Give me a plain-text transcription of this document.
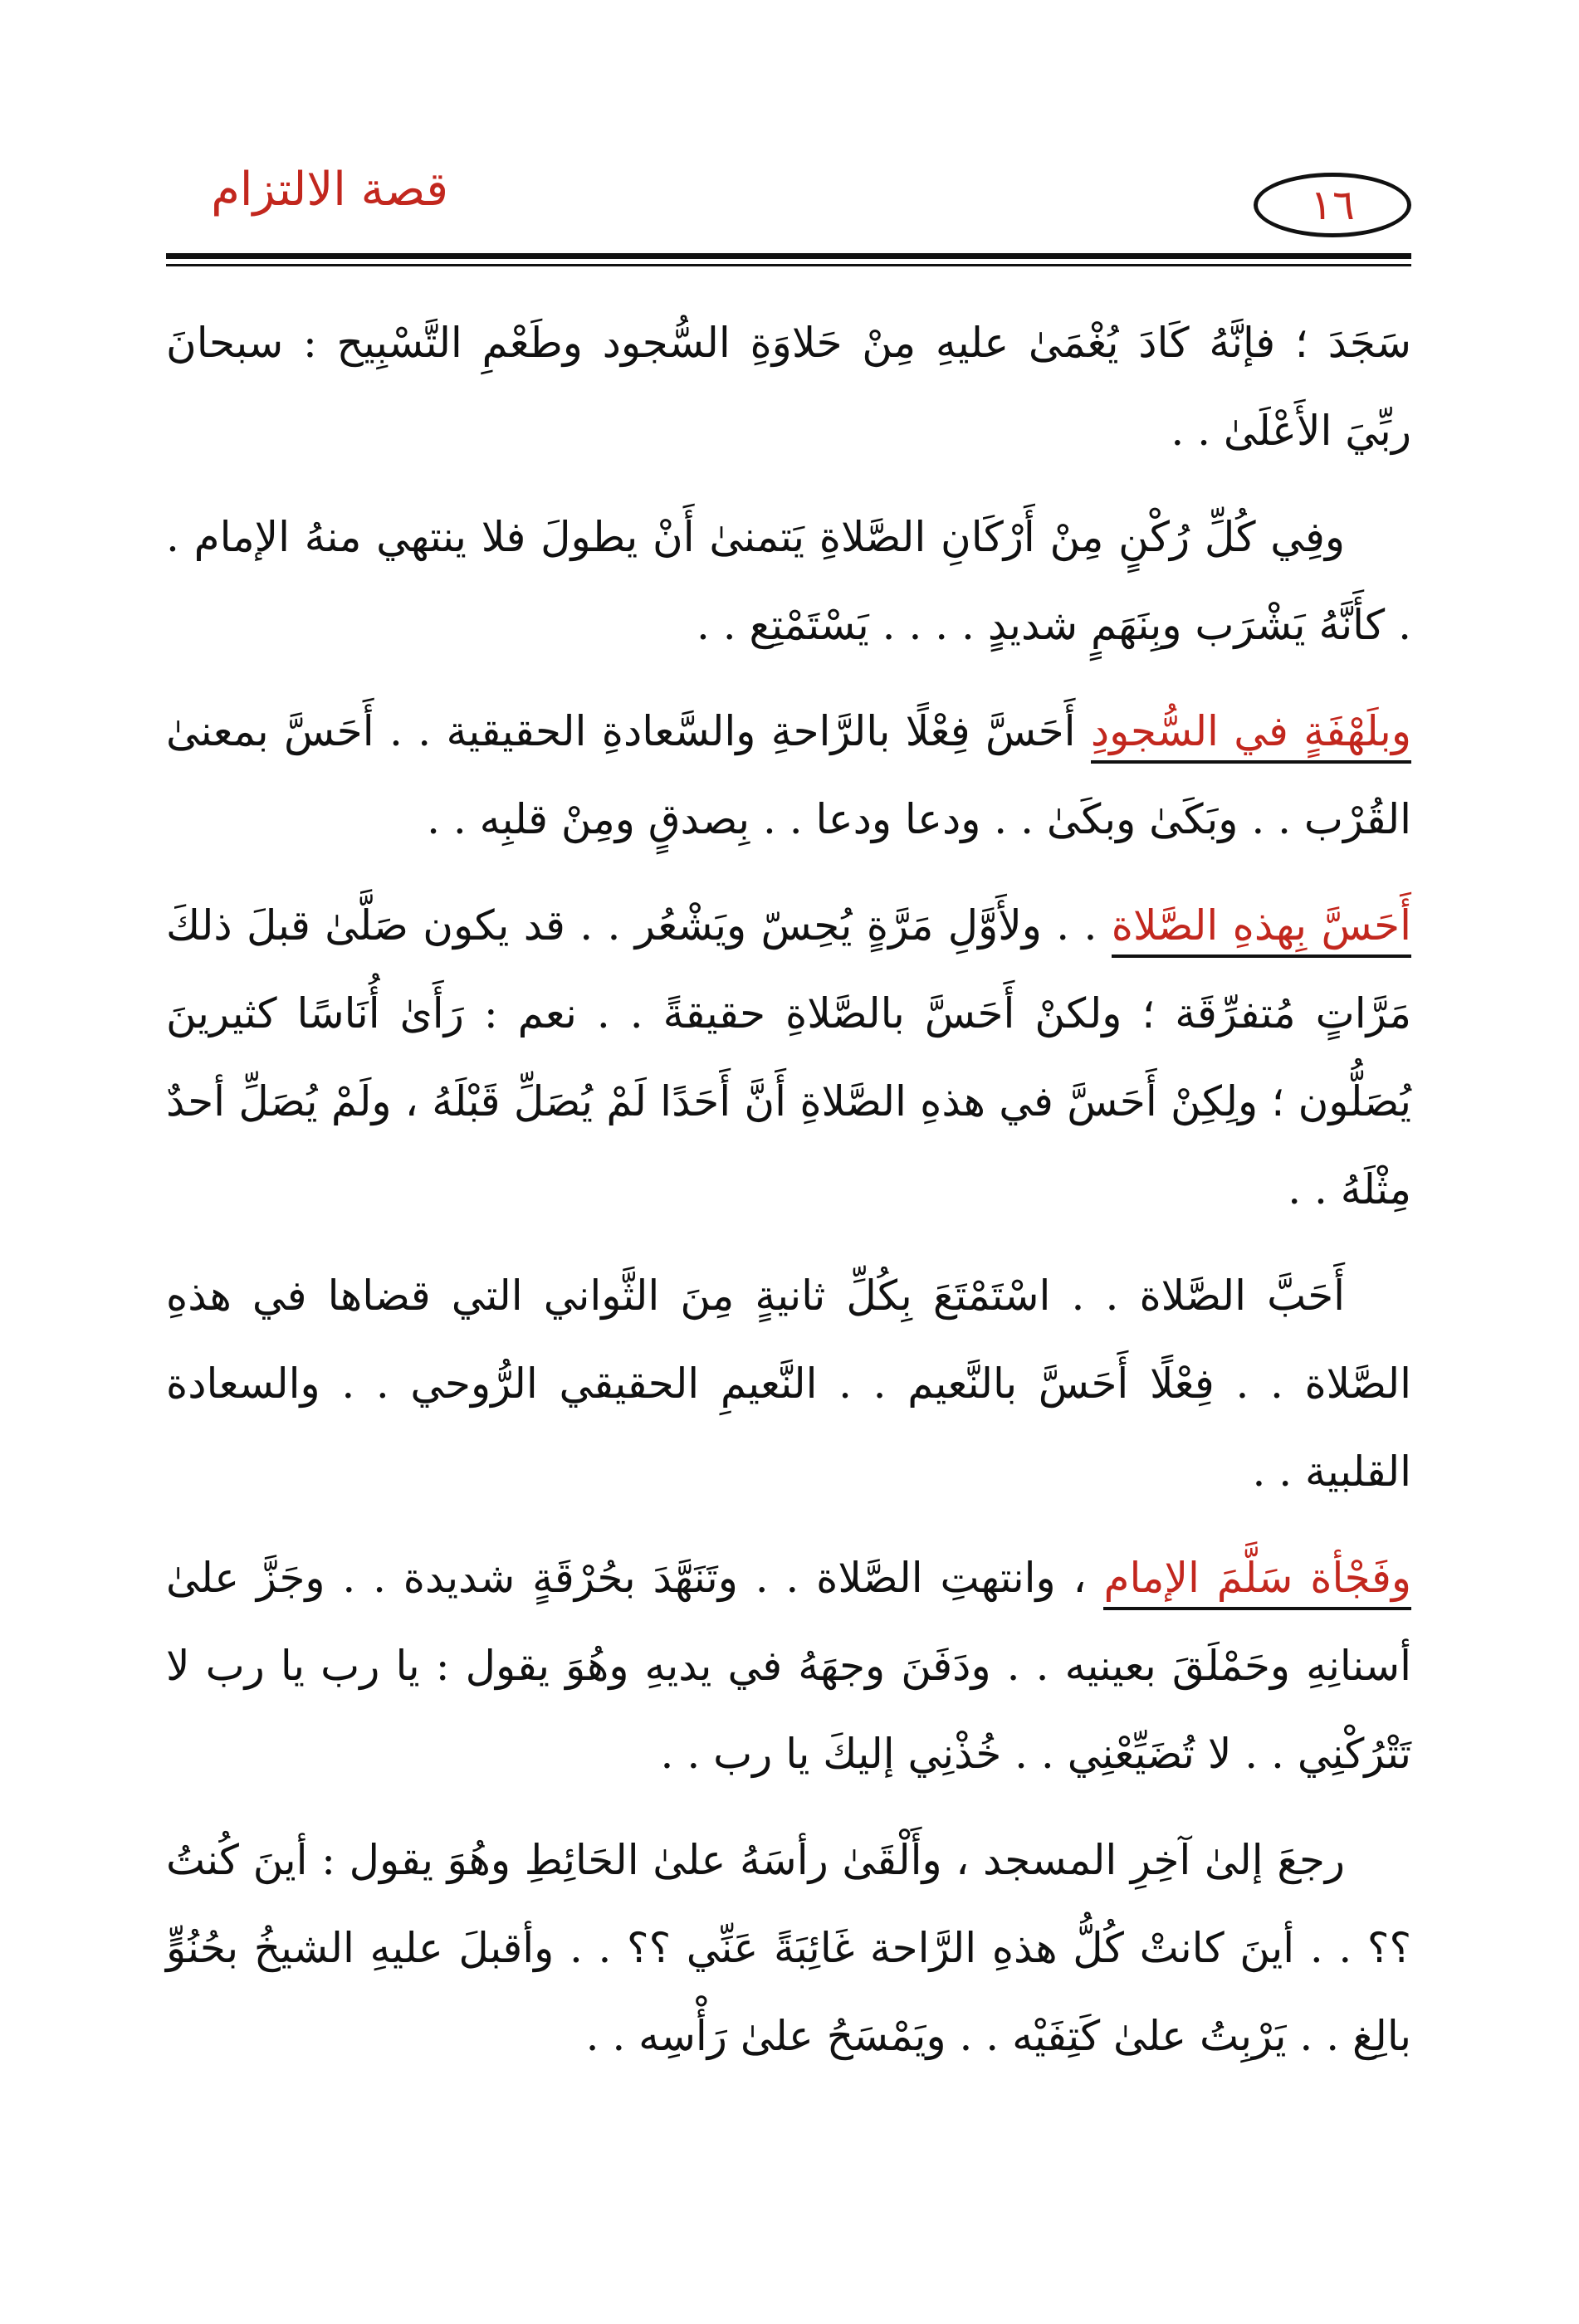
١٦
قصة الالتزام

سَجَدَ ؛ فإنَّهُ كَادَ يُغْمَىٰ عليهِ مِنْ حَلاوَةِ السُّجود وطَعْمِ التَّسْبِيح : سبحانَ ربِّيَ الأَعْلَىٰ . .

وفِي كُلِّ رُكْنٍ مِنْ أَرْكَانِ الصَّلاةِ يَتمنىٰ أَنْ يطولَ فلا ينتهي منهُ الإمام . . كأَنَّهُ يَشْرَب وبِنَهَمٍ شديدٍ . . . . يَسْتَمْتِع . .

وبلَهْفَةٍ في السُّجودِ أَحَسَّ فِعْلًا بالرَّاحةِ والسَّعادةِ الحقيقية . . أَحَسَّ بمعنىٰ القُرْب . . وبَكَىٰ وبكَىٰ . . ودعا ودعا . . بِصدقٍ ومِنْ قلبِه . .

أَحَسَّ بِهذهِ الصَّلاة . . ولأَوَّلِ مَرَّةٍ يُحِسّ ويَشْعُر . . قد يكون صَلَّىٰ قبلَ ذلكَ مَرَّاتٍ مُتفرِّقَة ؛ ولكنْ أَحَسَّ بالصَّلاةِ حقيقةً . . نعم : رَأَىٰ أُنَاسًا كثيرينَ يُصَلُّون ؛ ولِكِنْ أَحَسَّ في هذهِ الصَّلاةِ أَنَّ أَحَدًا لَمْ يُصَلِّ قَبْلَهُ ، ولَمْ يُصَلِّ أحدٌ مِثْلَهُ . .

أَحَبَّ الصَّلاة . . اسْتَمْتَعَ بِكُلِّ ثانيةٍ مِنَ الثَّواني التي قضاها في هذهِ الصَّلاة . . فِعْلًا أَحَسَّ بالنَّعيم . . النَّعيمِ الحقيقي الرُّوحي . . والسعادة القلبية . .

وفَجْأة سَلَّمَ الإمام ، وانتهتِ الصَّلاة . . وتَنَهَّدَ بحُرْقَةٍ شديدة . . وجَزَّ علىٰ أسنانِهِ وحَمْلَقَ بعينيه . . ودَفَنَ وجهَهُ في يديهِ وهُوَ يقول : يا رب يا رب لا تَتْرُكْنِي . . لا تُضَيِّعْنِي . . خُذْنِي إليكَ يا رب . .

رجعَ إلىٰ آخِرِ المسجد ، وأَلْقَىٰ رأسَهُ علىٰ الحَائِطِ وهُوَ يقول : أينَ كُنتُ ؟؟ . . أينَ كانتْ كُلُّ هذهِ الرَّاحة غَائِبَةً عَنِّي ؟؟ . . وأقبلَ عليهِ الشيخُ بحُنُوٍّ بالِغ . . يَرْبِتُ علىٰ كَتِفَيْه . . ويَمْسَحُ علىٰ رَأْسِه . .
